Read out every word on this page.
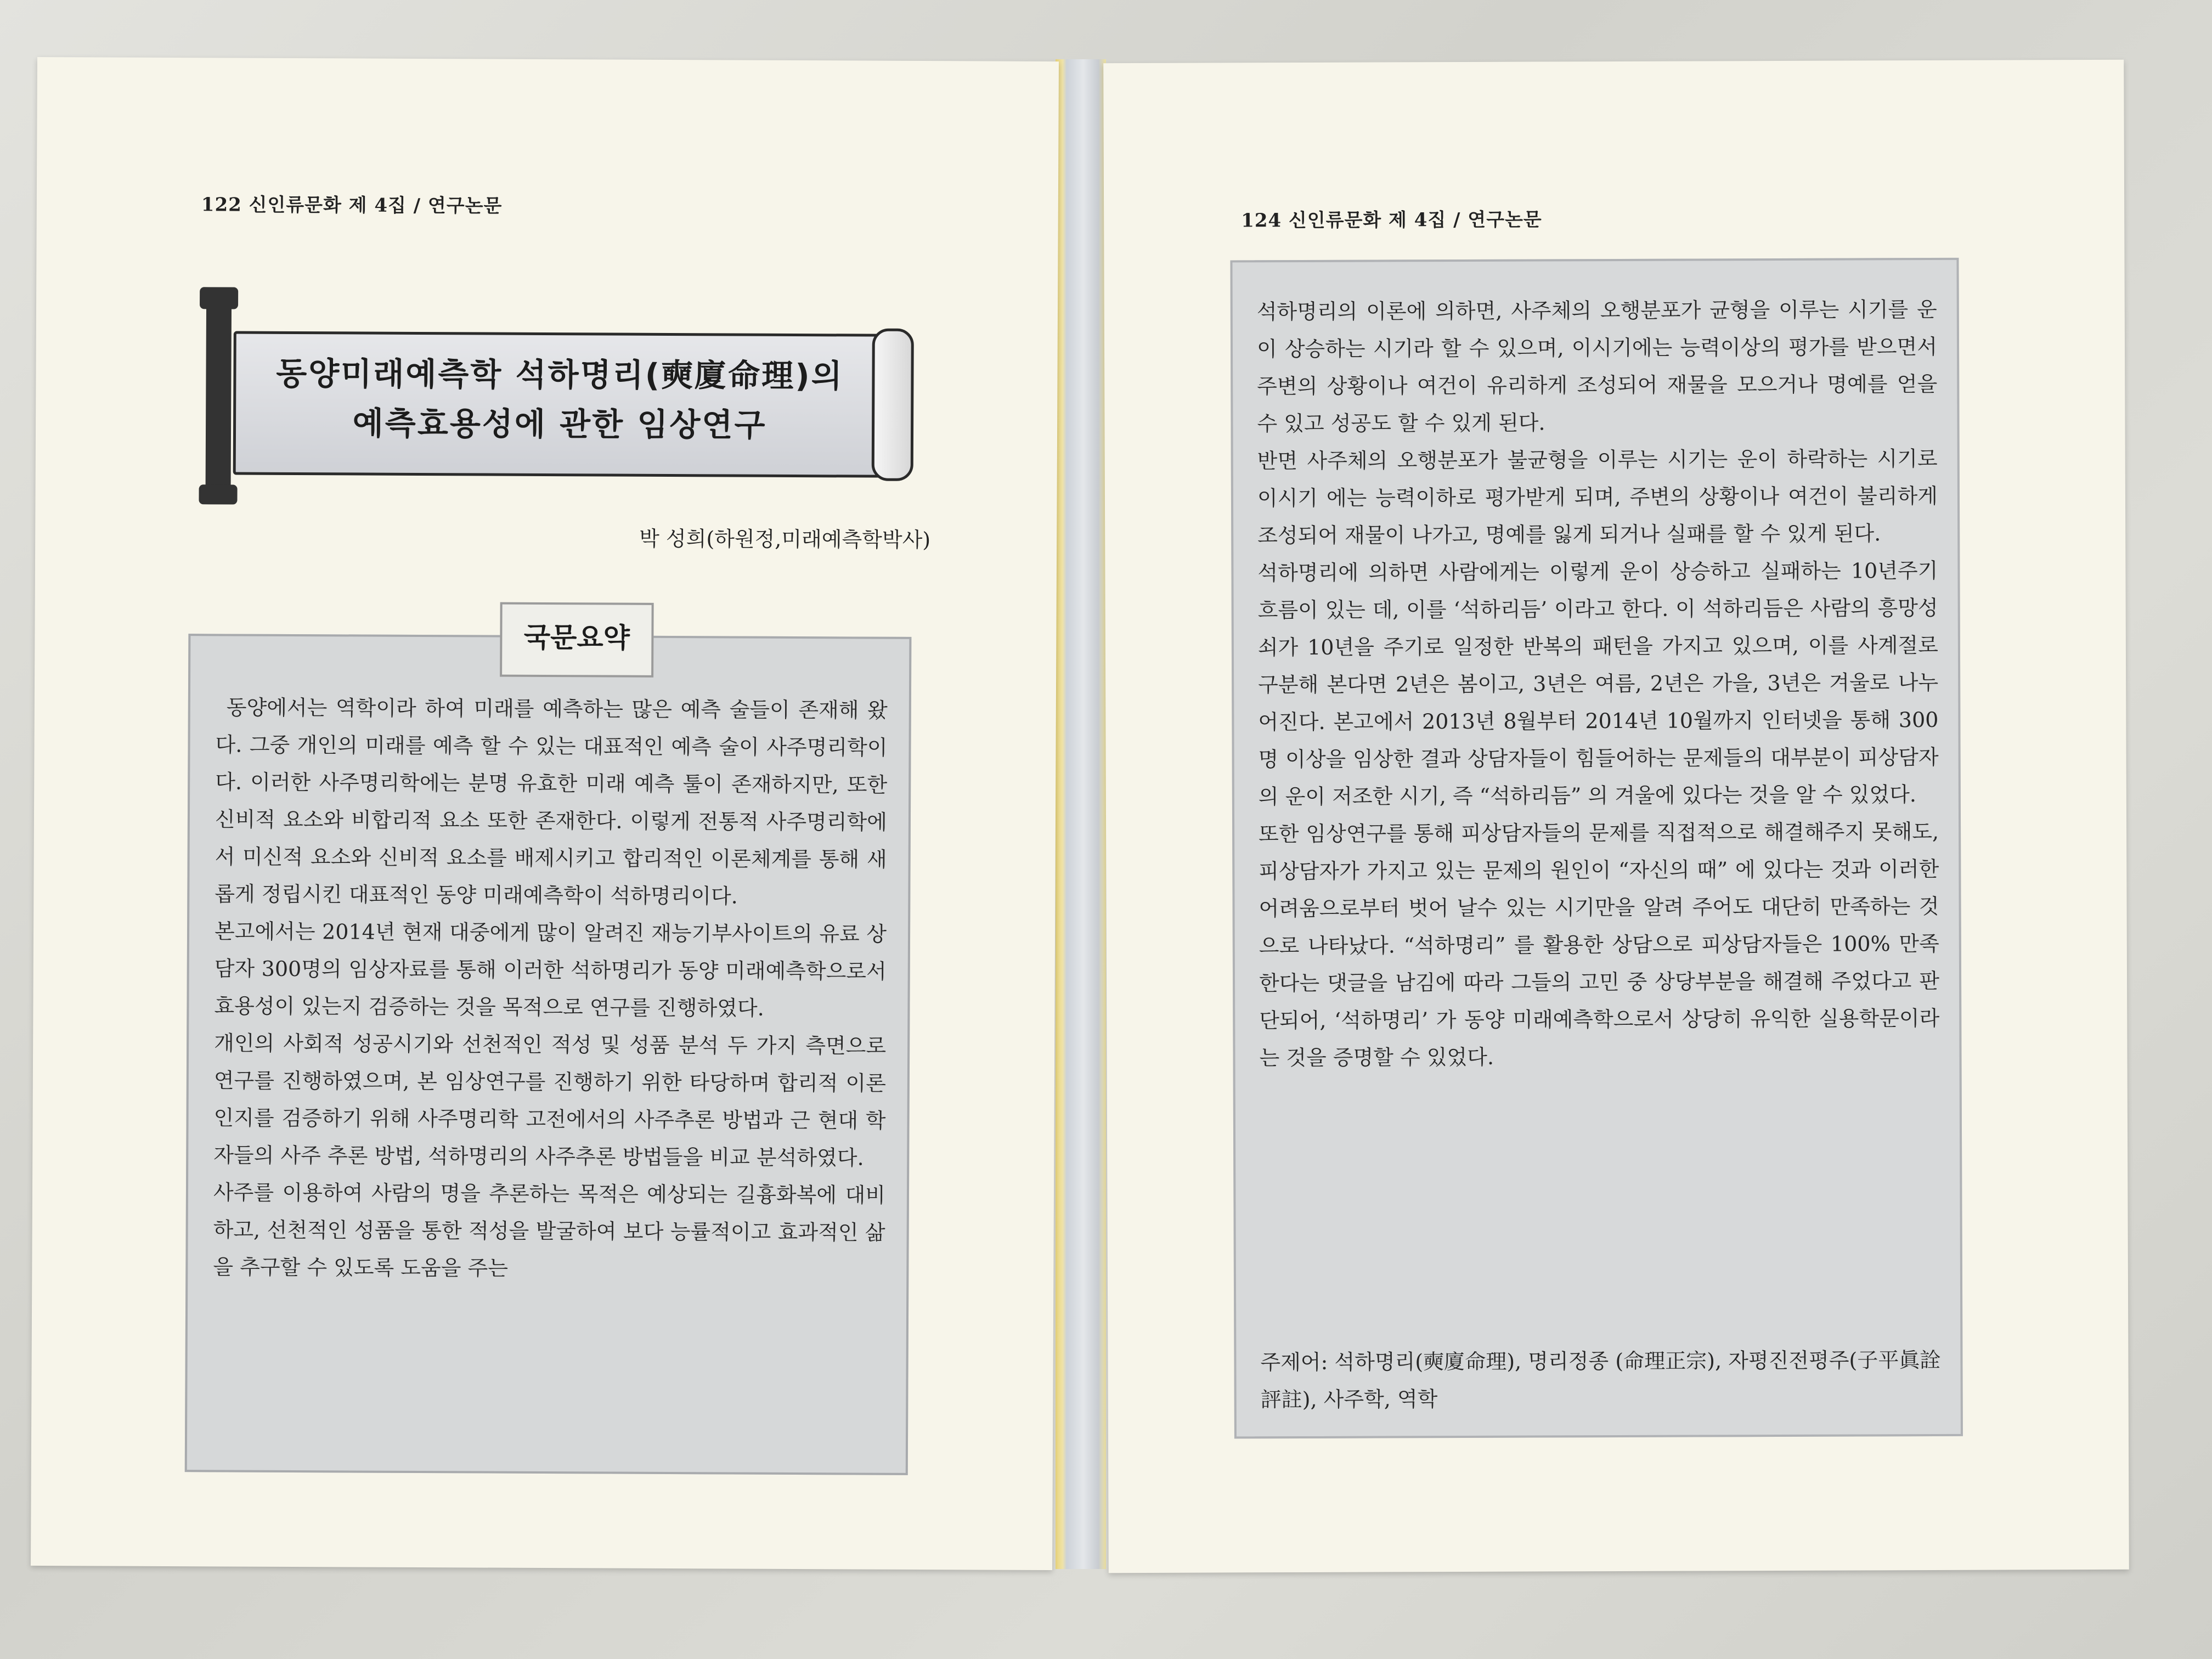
122 신인류문화 제 4집 / 연구논문
동양미래예측학 석하명리(奭廈命理)의
예측효용성에 관한 임상연구
박 성희(하원정,미래예측학박사)
국문요약

동양에서는 역학이라 하여 미래를 예측하는 많은 예측 술들이 존재해 왔다. 그중 개인의 미래를 예측 할 수 있는 대표적인 예측 술이 사주명리학이다. 이러한 사주명리학에는 분명 유효한 미래 예측 툴이 존재하지만, 또한 신비적 요소와 비합리적 요소 또한 존재한다. 이렇게 전통적 사주명리학에서 미신적 요소와 신비적 요소를 배제시키고 합리적인 이론체계를 통해 새롭게 정립시킨 대표적인 동양 미래예측학이 석하명리이다.

본고에서는 2014년 현재 대중에게 많이 알려진 재능기부사이트의 유료 상담자 300명의 임상자료를 통해 이러한 석하명리가 동양 미래예측학으로서 효용성이 있는지 검증하는 것을 목적으로 연구를 진행하였다.

개인의 사회적 성공시기와 선천적인 적성 및 성품 분석 두 가지 측면으로 연구를 진행하였으며, 본 임상연구를 진행하기 위한 타당하며 합리적 이론인지를 검증하기 위해 사주명리학 고전에서의 사주추론 방법과 근 현대 학자들의 사주 추론 방법, 석하명리의 사주추론 방법들을 비교 분석하였다.

사주를 이용하여 사람의 명을 추론하는 목적은 예상되는 길흉화복에 대비하고, 선천적인 성품을 통한 적성을 발굴하여 보다 능률적이고 효과적인 삶을 추구할 수 있도록 도움을 주는

124 신인류문화 제 4집 / 연구논문

석하명리의 이론에 의하면, 사주체의 오행분포가 균형을 이루는 시기를 운이 상승하는 시기라 할 수 있으며, 이시기에는 능력이상의 평가를 받으면서 주변의 상황이나 여건이 유리하게 조성되어 재물을 모으거나 명예를 얻을 수 있고 성공도 할 수 있게 된다.

반면 사주체의 오행분포가 불균형을 이루는 시기는 운이 하락하는 시기로 이시기 에는 능력이하로 평가받게 되며, 주변의 상황이나 여건이 불리하게 조성되어 재물이 나가고, 명예를 잃게 되거나 실패를 할 수 있게 된다.

석하명리에 의하면 사람에게는 이렇게 운이 상승하고 실패하는 10년주기 흐름이 있는 데, 이를 ‘석하리듬’ 이라고 한다. 이 석하리듬은 사람의 흥망성쇠가 10년을 주기로 일정한 반복의 패턴을 가지고 있으며, 이를 사계절로 구분해 본다면 2년은 봄이고, 3년은 여름, 2년은 가을, 3년은 겨울로 나누어진다. 본고에서 2013년 8월부터 2014년 10월까지 인터넷을 통해 300명 이상을 임상한 결과 상담자들이 힘들어하는 문제들의 대부분이 피상담자의 운이 저조한 시기, 즉 “석하리듬” 의 겨울에 있다는 것을 알 수 있었다.

또한 임상연구를 통해 피상담자들의 문제를 직접적으로 해결해주지 못해도, 피상담자가 가지고 있는 문제의 원인이 “자신의 때” 에 있다는 것과 이러한 어려움으로부터 벗어 날수 있는 시기만을 알려 주어도 대단히 만족하는 것으로 나타났다. “석하명리” 를 활용한 상담으로 피상담자들은 100% 만족한다는 댓글을 남김에 따라 그들의 고민 중 상당부분을 해결해 주었다고 판단되어, ‘석하명리’ 가 동양 미래예측학으로서 상당히 유익한 실용학문이라는 것을 증명할 수 있었다.

주제어: 석하명리(奭廈命理), 명리정종 (命理正宗), 자평진전평주(子平眞詮評註), 사주학, 역학
